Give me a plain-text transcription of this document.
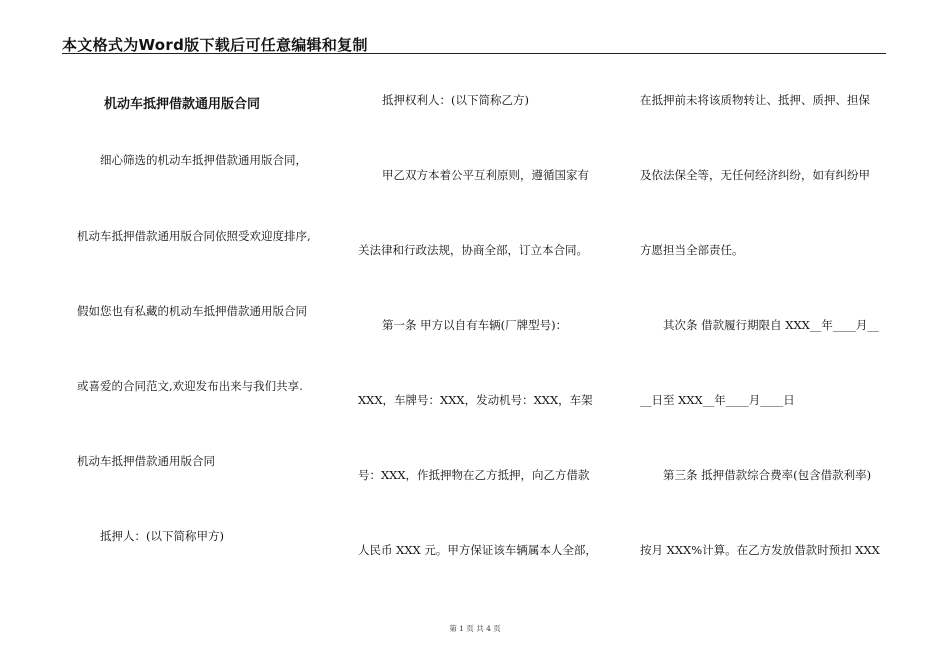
本文格式为Word版下载后可任意编辑和复制
机动车抵押借款通用版合同
细心筛选的机动车抵押借款通用版合同，
机动车抵押借款通用版合同依照受欢迎度排序,
假如您也有私藏的机动车抵押借款通用版合同
或喜爱的合同范文,欢迎发布出来与我们共享.
机动车抵押借款通用版合同
抵押人：(以下简称甲方)
抵押权利人：(以下简称乙方)
甲乙双方本着公平互利原则，遵循国家有
关法律和行政法规，协商全部，订立本合同。
第一条 甲方以自有车辆(厂牌型号)：
XXX，车牌号：XXX，发动机号：XXX，车架
号：XXX，作抵押物在乙方抵押，向乙方借款
人民币 XXX 元。甲方保证该车辆属本人全部，
在抵押前未将该质物转让、抵押、质押、担保
及依法保全等，无任何经济纠纷，如有纠纷甲
方愿担当全部责任。
其次条 借款履行期限自 XXX__年____月__
__日至 XXX__年____月____日
第三条 抵押借款综合费率(包含借款利率)
按月 XXX%计算。在乙方发放借款时预扣 XXX
第 1 页 共 4 页
